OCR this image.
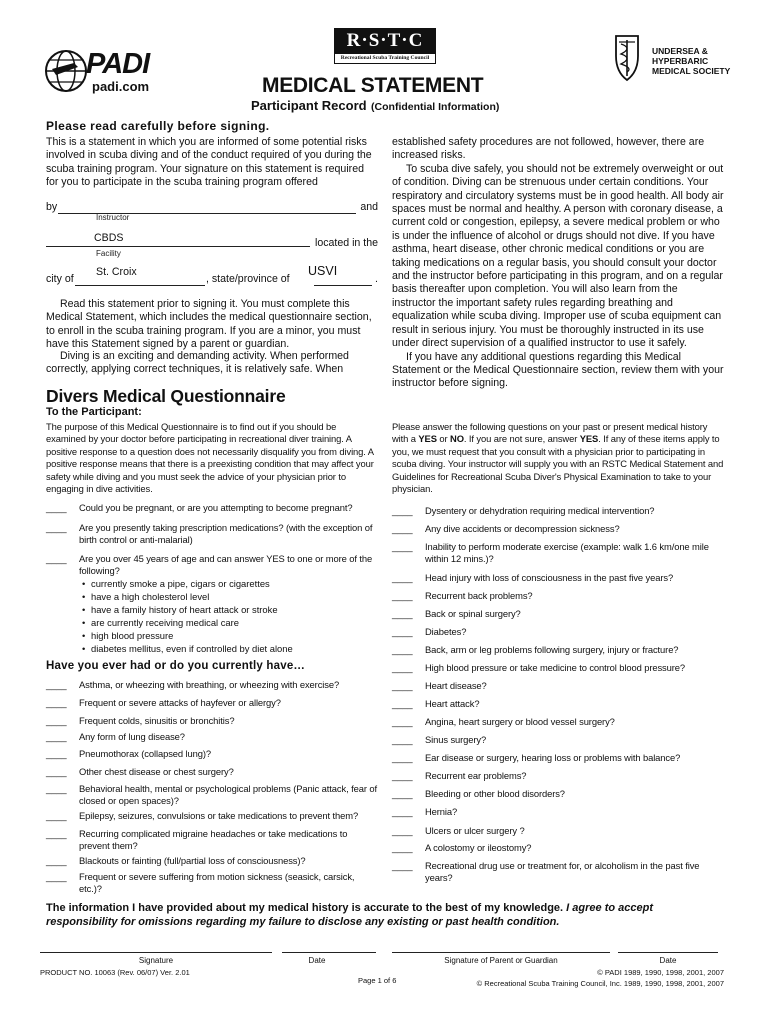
PADI
padi.com
R·S·T·C
Recreational Scuba Training Council
UNDERSEA &
HYPERBARIC
MEDICAL SOCIETY
MEDICAL STATEMENT
Participant Record (Confidential Information)
Please read carefully before signing.
This is a statement in which you are informed of some potential risks involved in scuba diving and of the conduct required of you during the scuba training program. Your signature on this statement is required for you to participate in the scuba training program offered
by	and
Instructor
CBDS	located in the
Facility
city of
St. Croix
, state/province of
USVI
.

Read this statement prior to signing it. You must complete this Medical Statement, which includes the medical questionnaire section, to enroll in the scuba training program. If you are a minor, you must have this Statement signed by a parent or guardian.

Diving is an exciting and demanding activity. When performed correctly, applying correct techniques, it is relatively safe. When

established safety procedures are not followed, however, there are increased risks.

To scuba dive safely, you should not be extremely overweight or out of condition. Diving can be strenuous under certain conditions. Your respiratory and circulatory systems must be in good health. All body air spaces must be normal and healthy. A person with coronary disease, a current cold or congestion, epilepsy, a severe medical problem or who is under the influence of alcohol or drugs should not dive. If you have asthma, heart disease, other chronic medical conditions or you are taking medications on a regular basis, you should consult your doctor and the instructor before participating in this program, and on a regular basis thereafter upon completion. You will also learn from the instructor the important safety rules regarding breathing and equalization while scuba diving. Improper use of scuba equipment can result in serious injury. You must be thoroughly instructed in its use under direct supervision of a qualified instructor to use it safely.

If you have any additional questions regarding this Medical Statement or the Medical Questionnaire section, review them with your instructor before signing.

Divers Medical Questionnaire
To the Participant:

The purpose of this Medical Questionnaire is to find out if you should be examined by your doctor before participating in recreational diver training. A positive response to a question does not necessarily disqualify you from diving. A positive response means that there is a preexisting condition that may affect your safety while diving and you must seek the advice of your physician prior to engaging in dive activities.

Please answer the following questions on your past or present medical history with a YES or NO. If you are not sure, answer YES. If any of these items apply to you, we must request that you consult with a physician prior to participating in scuba diving. Your instructor will supply you with an RSTC Medical Statement and Guidelines for Recreational Scuba Diver's Physical Examination to take to your physician.

____	Could you be pregnant, or are you attempting to become pregnant?
____	Are you presently taking prescription medications? (with the exception of birth control or anti-malarial)
____	Are you over 45 years of age and can answer YES to one or more of the following?
• currently smoke a pipe, cigars or cigarettes
• have a high cholesterol level
• have a family history of heart attack or stroke
• are currently receiving medical care
• high blood pressure
• diabetes mellitus, even if controlled by diet alone
Have you ever had or do you currently have…
____	Asthma, or wheezing with breathing, or wheezing with exercise?
____	Frequent or severe attacks of hayfever or allergy?
____	Frequent colds, sinusitis or bronchitis?
____	Any form of lung disease?
____	Pneumothorax (collapsed lung)?
____	Other chest disease or chest surgery?
____	Behavioral health, mental or psychological problems (Panic attack, fear of closed or open spaces)?
____	Epilepsy, seizures, convulsions or take medications to prevent them?
____	Recurring complicated migraine headaches or take medications to prevent them?
____	Blackouts or fainting (full/partial loss of consciousness)?
____	Frequent or severe suffering from motion sickness (seasick, carsick, etc.)?
____	Dysentery or dehydration requiring medical intervention?
____	Any dive accidents or decompression sickness?
____	Inability to perform moderate exercise (example: walk 1.6 km/one mile within 12 mins.)?
____	Head injury with loss of consciousness in the past five years?
____	Recurrent back problems?
____	Back or spinal surgery?
____	Diabetes?
____	Back, arm or leg problems following surgery, injury or fracture?
____	High blood pressure or take medicine to control blood pressure?
____	Heart disease?
____	Heart attack?
____	Angina, heart surgery or blood vessel surgery?
____	Sinus surgery?
____	Ear disease or surgery, hearing loss or problems with balance?
____	Recurrent ear problems?
____	Bleeding or other blood disorders?
____	Hernia?
____	Ulcers or ulcer surgery ?
____	A colostomy or ileostomy?
____	Recreational drug use or treatment for, or alcoholism in the past five years?

The information I have provided about my medical history is accurate to the best of my knowledge. I agree to accept responsibility for omissions regarding my failure to disclose any existing or past health condition.

Signature	Date	Signature of Parent or Guardian	Date
PRODUCT NO. 10063 (Rev. 06/07) Ver. 2.01
Page 1 of 6
© PADI 1989, 1990, 1998, 2001, 2007
© Recreational Scuba Training Council, Inc. 1989, 1990, 1998, 2001, 2007
